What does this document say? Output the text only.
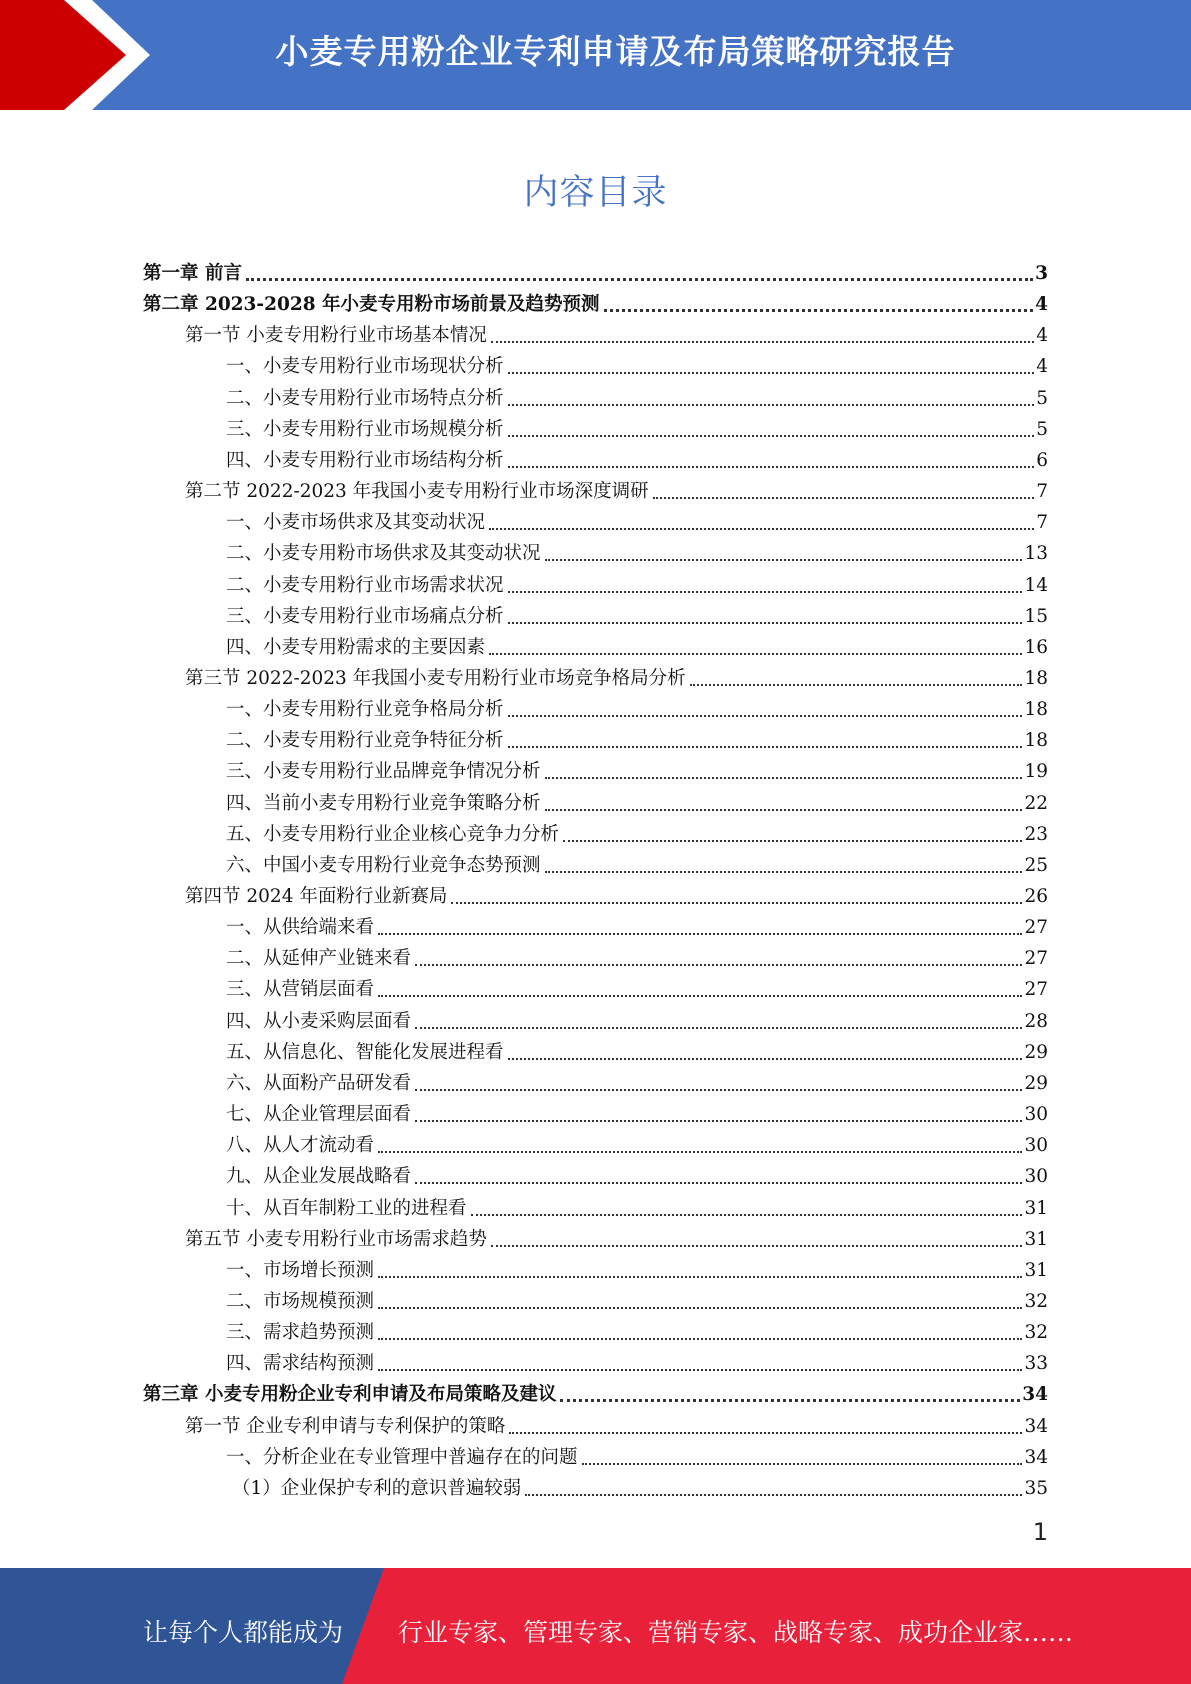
小麦专用粉企业专利申请及布局策略研究报告
内容目录
第一章 前言	3
第二章 2023-2028 年小麦专用粉市场前景及趋势预测	4
第一节 小麦专用粉行业市场基本情况	4
一、小麦专用粉行业市场现状分析	4
二、小麦专用粉行业市场特点分析	5
三、小麦专用粉行业市场规模分析	5
四、小麦专用粉行业市场结构分析	6
第二节 2022-2023 年我国小麦专用粉行业市场深度调研	7
一、小麦市场供求及其变动状况	7
二、小麦专用粉市场供求及其变动状况	13
二、小麦专用粉行业市场需求状况	14
三、小麦专用粉行业市场痛点分析	15
四、小麦专用粉需求的主要因素	16
第三节 2022-2023 年我国小麦专用粉行业市场竞争格局分析	18
一、小麦专用粉行业竞争格局分析	18
二、小麦专用粉行业竞争特征分析	18
三、小麦专用粉行业品牌竞争情况分析	19
四、当前小麦专用粉行业竞争策略分析	22
五、小麦专用粉行业企业核心竞争力分析	23
六、中国小麦专用粉行业竞争态势预测	25
第四节 2024 年面粉行业新赛局	26
一、从供给端来看	27
二、从延伸产业链来看	27
三、从营销层面看	27
四、从小麦采购层面看	28
五、从信息化、智能化发展进程看	29
六、从面粉产品研发看	29
七、从企业管理层面看	30
八、从人才流动看	30
九、从企业发展战略看	30
十、从百年制粉工业的进程看	31
第五节 小麦专用粉行业市场需求趋势	31
一、市场增长预测	31
二、市场规模预测	32
三、需求趋势预测	32
四、需求结构预测	33
第三章 小麦专用粉企业专利申请及布局策略及建议	34
第一节 企业专利申请与专利保护的策略	34
一、分析企业在专业管理中普遍存在的问题	34
（1）企业保护专利的意识普遍较弱	35
1
让每个人都能成为 行业专家、管理专家、营销专家、战略专家、成功企业家……
